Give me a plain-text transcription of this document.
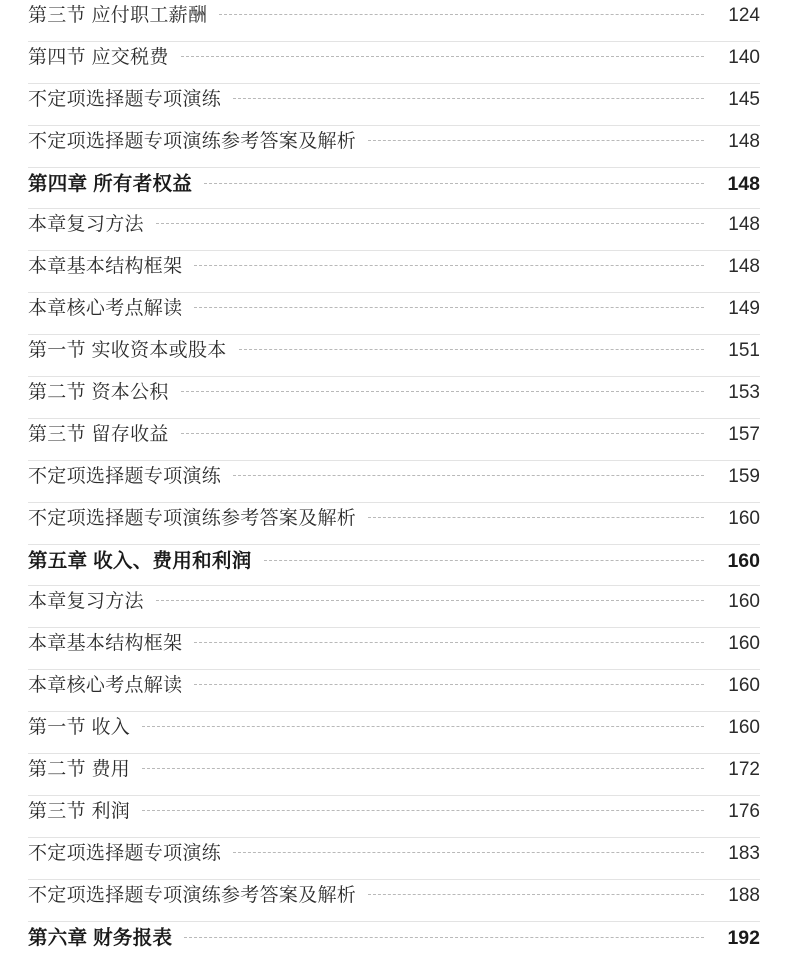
第三节 应付职工薪酬	124
第四节 应交税费	140
不定项选择题专项演练	145
不定项选择题专项演练参考答案及解析	148
第四章 所有者权益	148
本章复习方法	148
本章基本结构框架	148
本章核心考点解读	149
第一节 实收资本或股本	151
第二节 资本公积	153
第三节 留存收益	157
不定项选择题专项演练	159
不定项选择题专项演练参考答案及解析	160
第五章 收入、费用和利润	160
本章复习方法	160
本章基本结构框架	160
本章核心考点解读	160
第一节 收入	160
第二节 费用	172
第三节 利润	176
不定项选择题专项演练	183
不定项选择题专项演练参考答案及解析	188
第六章 财务报表	192
